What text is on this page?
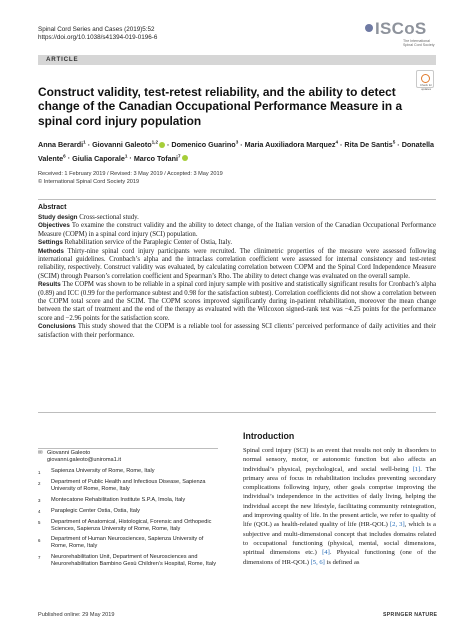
Spinal Cord Series and Cases (2019)5:52
https://doi.org/10.1038/s41394-019-0196-6	ISCoS
The International Spinal Cord Society
ARTICLE
Check for updates
Construct validity, test-retest reliability, and the ability to detect change of the Canadian Occupational Performance Measure in a spinal cord injury population
Anna Berardi$^1$ · Giovanni Galeoto$^{1,2}$ · Domenico Guarino$^3$ · Maria Auxiliadora Marquez$^4$ · Rita De Santis$^5$ · Donatella Valente$^6$ · Giulia Caporale$^1$ · Marco Tofani$^7$
Received: 1 February 2019 / Revised: 3 May 2019 / Accepted: 3 May 2019
© International Spinal Cord Society 2019
Abstract

Study design Cross-sectional study.

Objectives To examine the construct validity and the ability to detect change, of the Italian version of the Canadian Occupational Performance Measure (COPM) in a spinal cord injury (SCI) population.

Settings Rehabilitation service of the Paraplegic Center of Ostia, Italy.

Methods Thirty-nine spinal cord injury participants were recruited. The clinimetric properties of the measure were assessed following international guidelines. Cronbach’s alpha and the intraclass correlation coefficient were assessed for internal consistency and test-retest reliability, respectively. Construct validity was evaluated, by calculating correlation between COPM and the Spinal Cord Independence Measure (SCIM) through Pearson’s correlation coefficient and Spearman’s Rho. The ability to detect change was evaluated on the overall sample.

Results The COPM was shown to be reliable in a spinal cord injury sample with positive and statistically significant results for Cronbach’s alpha (0.89) and ICC (0.99 for the performance subtest and 0.98 for the satisfaction subtest). Correlation coefficients did not show a correlation between the COPM total score and the SCIM. The COPM scores improved significantly during in-patient rehabilitation, moreover the mean change between the start of treatment and the end of the therapy as evaluated with the Wilcoxon signed-rank test was −4.25 points for the performance score and −2.96 points for the satisfaction score.

Conclusions This study showed that the COPM is a reliable tool for assessing SCI clients’ perceived performance of daily activities and their satisfaction with their performance.

✉ Giovanni Galeoto
giovanni.galeoto@uniroma1.it
1	Sapienza University of Rome, Rome, Italy
2	Department of Public Health and Infectious Disease, Sapienza University of Rome, Rome, Italy
3	Montecatone Rehabilitation Institute S.P.A, Imola, Italy
4	Paraplegic Center Ostia, Ostia, Italy
5	Department of Anatomical, Histological, Forensic and Orthopedic Sciences, Sapienza University of Rome, Rome, Italy
6	Department of Human Neurosciences, Sapienza University of Rome, Rome, Italy
7	Neurorehabilitation Unit, Department of Neurosciences and Neurorehabilitation Bambino Gesù Children’s Hospital, Rome, Italy
Introduction
Spinal cord injury (SCI) is an event that results not only in disorders to normal sensory, motor, or autonomic function but also affects an individual’s physical, psychological, and social well-being [1]. The primary area of focus in rehabilitation includes preventing secondary complications following injury, other goals comprise improving the individual’s independence in the activities of daily living, helping the individual accept the new lifestyle, facilitating community reintegration, and improving quality of life. In the present article, we refer to quality of life (QOL) as health-related quality of life (HR-QOL) [2, 3], which is a subjective and multi-dimensional concept that includes domains related to occupational functioning (physical, mental, social dimensions, spiritual dimensions etc.) [4]. Physical functioning (one of the dimensions of HR-QOL) [5, 6] is defined as
Published online: 29 May 2019	SPRINGER NATURE
